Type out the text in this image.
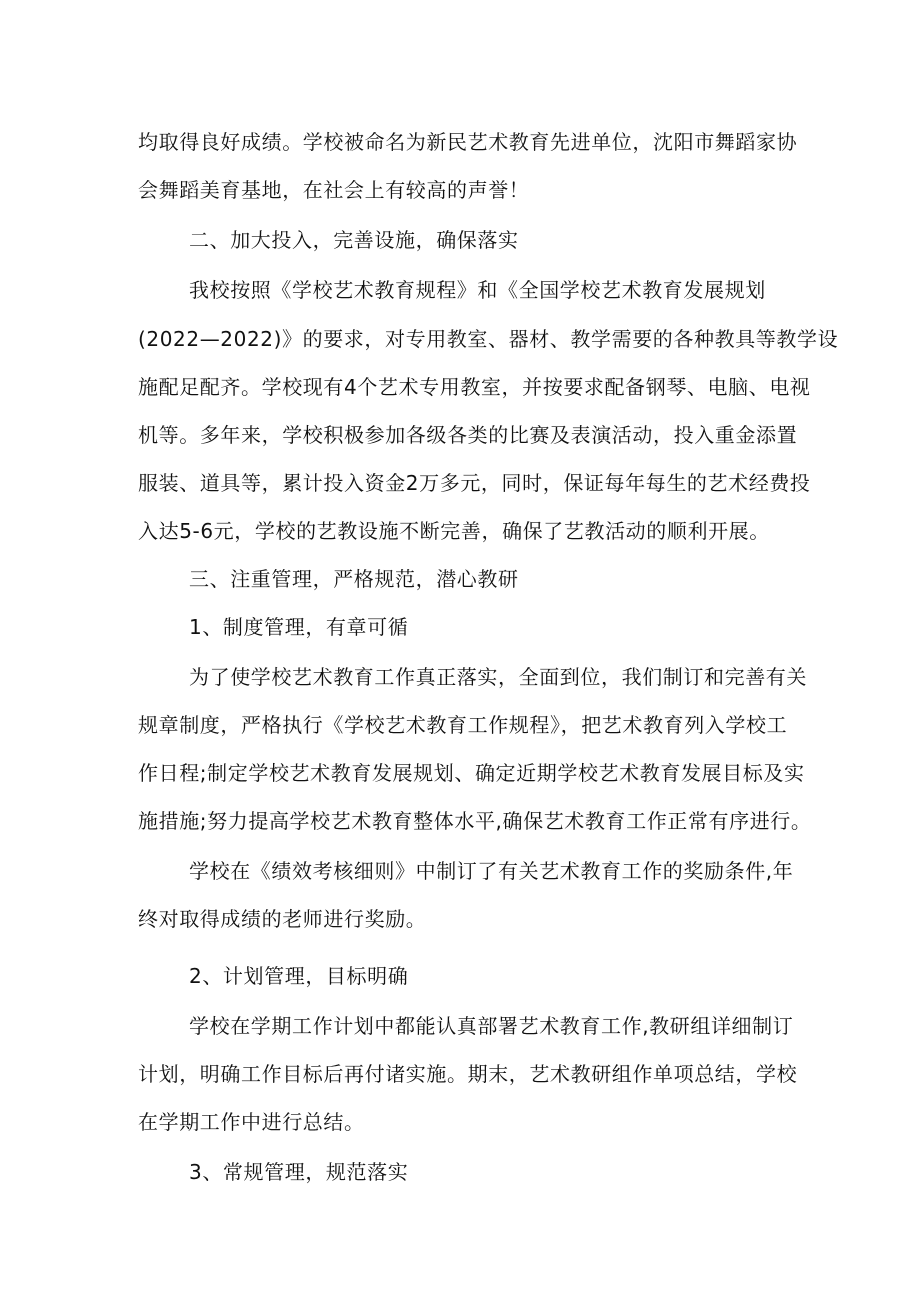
均取得良好成绩。学校被命名为新民艺术教育先进单位，沈阳市舞蹈家协
会舞蹈美育基地，在社会上有较高的声誉！
二、加大投入，完善设施，确保落实
我校按照《学校艺术教育规程》和《全国学校艺术教育发展规划
(2022—2022)》的要求，对专用教室、器材、教学需要的各种教具等教学设
施配足配齐。学校现有4个艺术专用教室，并按要求配备钢琴、电脑、电视
机等。多年来，学校积极参加各级各类的比赛及表演活动，投入重金添置
服装、道具等，累计投入资金2万多元，同时，保证每年每生的艺术经费投
入达5-6元，学校的艺教设施不断完善，确保了艺教活动的顺利开展。
三、注重管理，严格规范，潜心教研
1、制度管理，有章可循
为了使学校艺术教育工作真正落实，全面到位，我们制订和完善有关
规章制度，严格执行《学校艺术教育工作规程》，把艺术教育列入学校工
作日程;制定学校艺术教育发展规划、确定近期学校艺术教育发展目标及实
施措施;努力提高学校艺术教育整体水平,确保艺术教育工作正常有序进行。
学校在《绩效考核细则》中制订了有关艺术教育工作的奖励条件,年
终对取得成绩的老师进行奖励。
2、计划管理，目标明确
学校在学期工作计划中都能认真部署艺术教育工作,教研组详细制订
计划，明确工作目标后再付诸实施。期末，艺术教研组作单项总结，学校
在学期工作中进行总结。
3、常规管理，规范落实
